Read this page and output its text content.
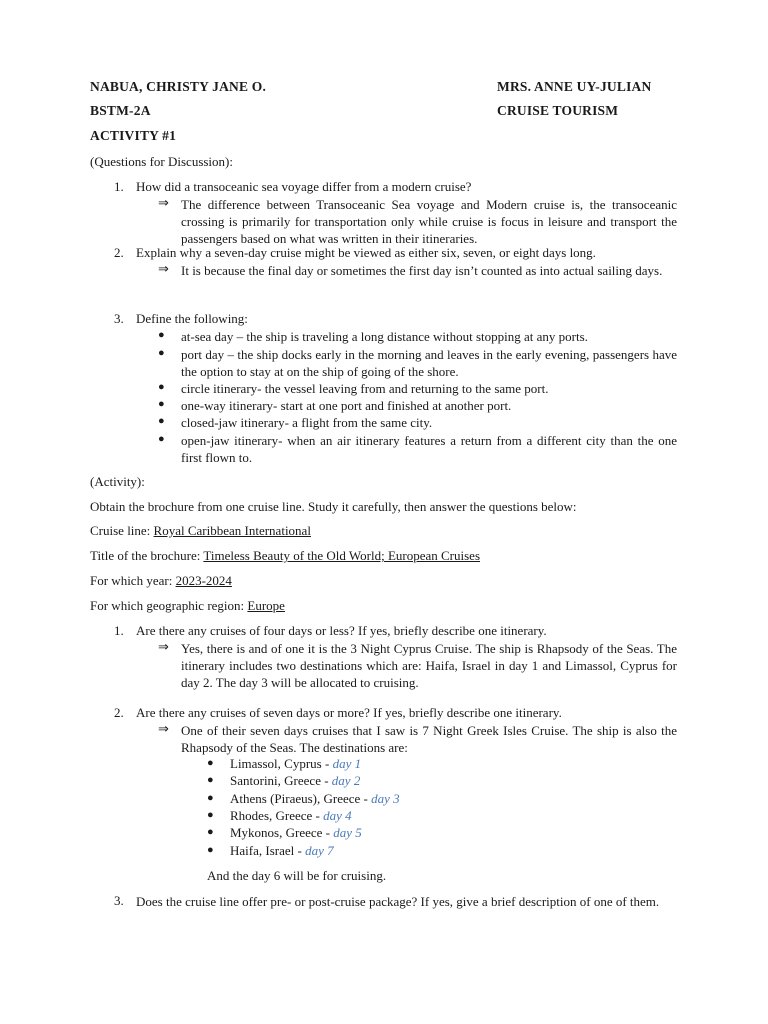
NABUA, CHRISTY JANE O.	MRS. ANNE UY-JULIAN
BSTM-2A	CRUISE TOURISM
ACTIVITY #1
(Questions for Discussion):
1. How did a transoceanic sea voyage differ from a modern cruise?
⇒ The difference between Transoceanic Sea voyage and Modern cruise is, the transoceanic crossing is primarily for transportation only while cruise is focus in leisure and transport the passengers based on what was written in their itineraries.
2. Explain why a seven-day cruise might be viewed as either six, seven, or eight days long.
⇒ It is because the final day or sometimes the first day isn’t counted as into actual sailing days.
3. Define the following:
● at-sea day – the ship is traveling a long distance without stopping at any ports.
● port day – the ship docks early in the morning and leaves in the early evening, passengers have the option to stay at on the ship of going of the shore.
● circle itinerary- the vessel leaving from and returning to the same port.
● one-way itinerary- start at one port and finished at another port.
● closed-jaw itinerary- a flight from the same city.
● open-jaw itinerary- when an air itinerary features a return from a different city than the one first flown to.
(Activity):
Obtain the brochure from one cruise line. Study it carefully, then answer the questions below:
Cruise line: Royal Caribbean International
Title of the brochure: Timeless Beauty of the Old World; European Cruises
For which year: 2023-2024
For which geographic region: Europe
1. Are there any cruises of four days or less? If yes, briefly describe one itinerary.
⇒ Yes, there is and of one it is the 3 Night Cyprus Cruise. The ship is Rhapsody of the Seas. The itinerary includes two destinations which are: Haifa, Israel in day 1 and Limassol, Cyprus for day 2. The day 3 will be allocated to cruising.
2. Are there any cruises of seven days or more? If yes, briefly describe one itinerary.
⇒ One of their seven days cruises that I saw is 7 Night Greek Isles Cruise. The ship is also the Rhapsody of the Seas. The destinations are:
● Limassol, Cyprus - day 1
● Santorini, Greece - day 2
● Athens (Piraeus), Greece - day 3
● Rhodes, Greece - day 4
● Mykonos, Greece - day 5
● Haifa, Israel - day 7
And the day 6 will be for cruising.
3. Does the cruise line offer pre- or post-cruise package? If yes, give a brief description of one of them.
